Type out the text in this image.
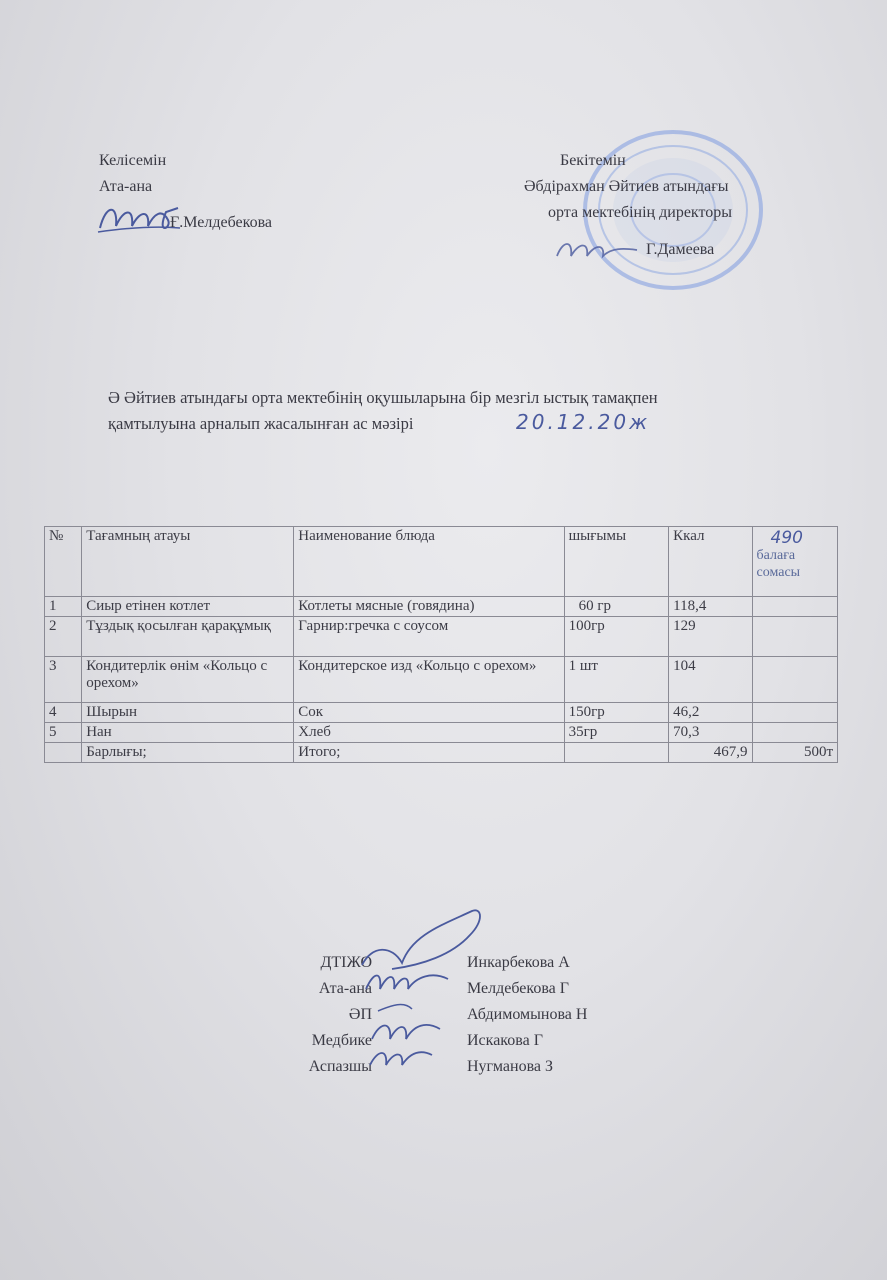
Келісемін
Ата-ана
Ғ.Мелдебекова
Бекітемін
Әбдірахман Әйтиев атындағы
орта мектебінің директоры
Г.Дамеева
Ә Әйтиев атындағы орта мектебінің оқушыларына бір мезгіл ыстық тамақпен
қамтылуына арналып жасалынған ас мәзірі	20.12.20ж
№	Тағамның атауы	Наименование блюда	шығымы	Ккал	490
балаға
сомасы

1	Сиыр етінен котлет	Котлеты мясные (говядина)	60 гр	118,4	
2	Тұздық қосылған қарақұмық	Гарнир:гречка с соусом	100гр	129	
3	Кондитерлік өнім «Кольцо с орехом»	Кондитерское изд «Кольцо с орехом»	1 шт	104	
4	Шырын	Сок	150гр	46,2	
5	Нан	Хлеб	35гр	70,3	
	Барлығы;	Итого;		467,9	500т
ДТІЖО	Инкарбекова А
Ата-ана	Мелдебекова Г
ӘП	Абдимомынова Н
Медбике	Искакова Г
Аспазшы	Нугманова З
